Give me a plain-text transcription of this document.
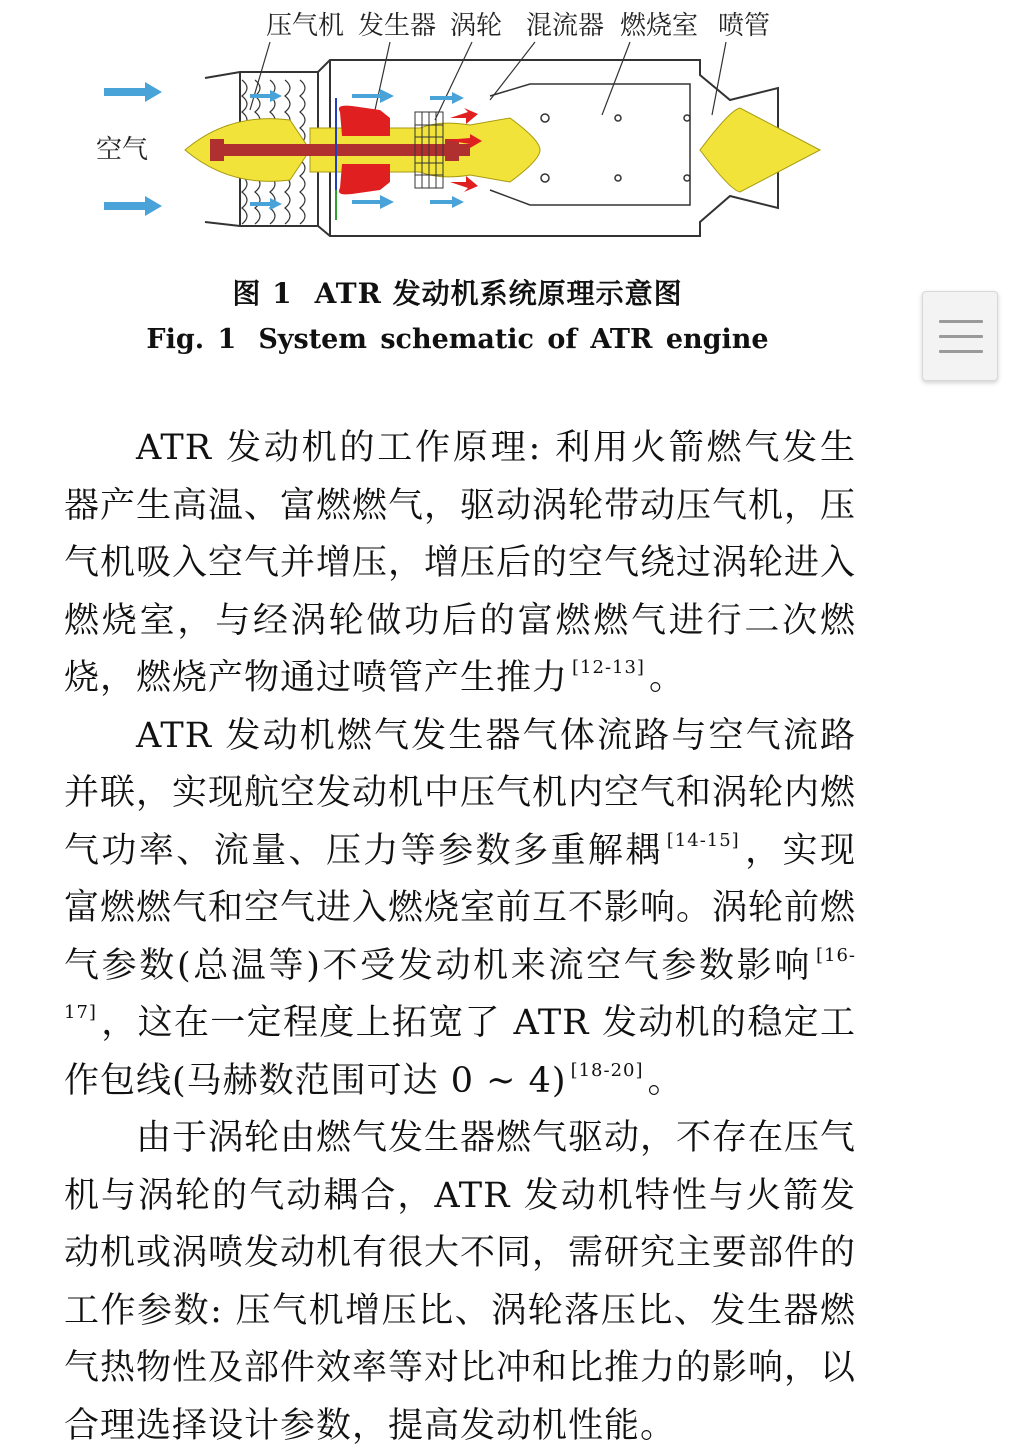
压气机 发生器 涡轮 混流器 燃烧室 喷管
空气
图 1 ATR 发动机系统原理示意图
Fig. 1 System schematic of ATR engine

ATR 发动机的工作原理: 利用火箭燃气发生器产生高温、富燃燃气，驱动涡轮带动压气机，压气机吸入空气并增压，增压后的空气绕过涡轮进入燃烧室，与经涡轮做功后的富燃燃气进行二次燃烧，燃烧产物通过喷管产生推力 [12-13] 。

ATR 发动机燃气发生器气体流路与空气流路并联，实现航空发动机中压气机内空气和涡轮内燃气功率、流量、压力等参数多重解耦 [14-15] ，实现富燃燃气和空气进入燃烧室前互不影响。涡轮前燃气参数(总温等)不受发动机来流空气参数影响 [16-17] ，这在一定程度上拓宽了 ATR 发动机的稳定工作包线(马赫数范围可达 0 ~ 4) [18-20] 。

由于涡轮由燃气发生器燃气驱动，不存在压气机与涡轮的气动耦合，ATR 发动机特性与火箭发动机或涡喷发动机有很大不同，需研究主要部件的工作参数: 压气机增压比、涡轮落压比、发生器燃气热物性及部件效率等对比冲和比推力的影响，以合理选择设计参数，提高发动机性能。
